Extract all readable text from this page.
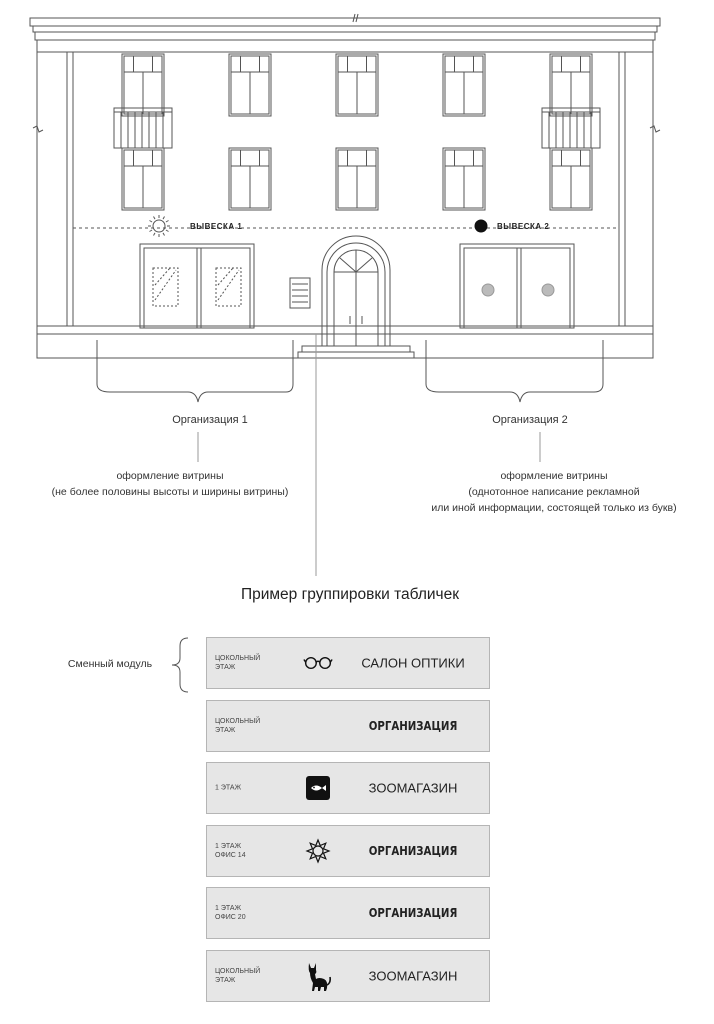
ВЫВЕСКА 1	ВЫВЕСКА 2
Организация 1	Организация 2
оформление витрины
(не более половины высоты и ширины витрины)
оформление витрины
(однотонное написание рекламной
или иной информации, состоящей только из букв)
Пример группировки табличек
Сменный модуль	ЦОКОЛЬНЫЙ
ЭТАЖ	САЛОН ОПТИКИ
ЦОКОЛЬНЫЙ
ЭТАЖ	ОРГАНИЗАЦИЯ
1 ЭТАЖ	ЗООМАГАЗИН
1 ЭТАЖ
ОФИС 14	ОРГАНИЗАЦИЯ
1 ЭТАЖ
ОФИС 20	ОРГАНИЗАЦИЯ
ЦОКОЛЬНЫЙ
ЭТАЖ	ЗООМАГАЗИН
